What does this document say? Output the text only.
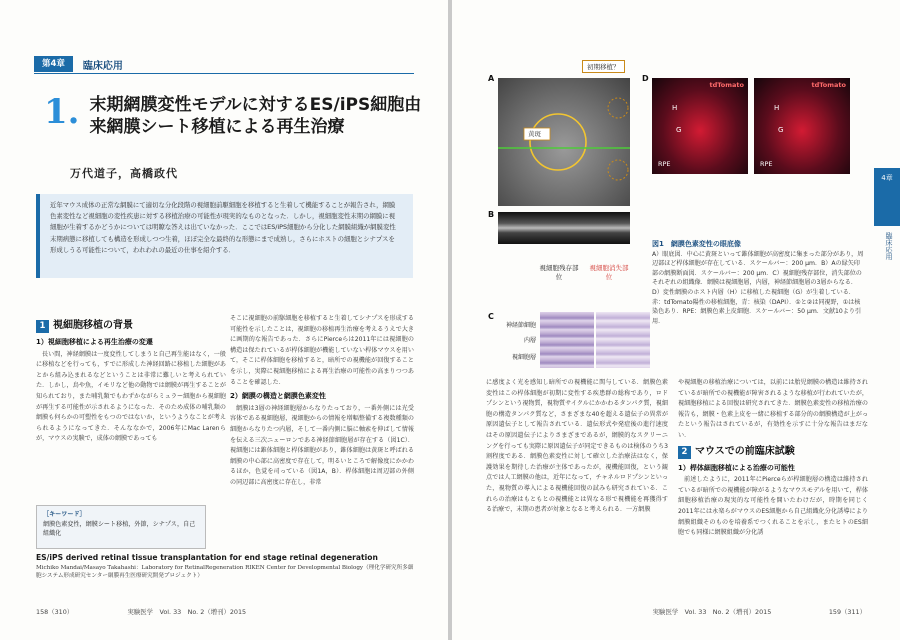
第4章	臨床応用
1. 末期網膜変性モデルに対するES/iPS細胞由来網膜シート移植による再生治療
万代道子，高橋政代
近年マウス成体の正常な網膜にて適切な分化段階の視細胞前駆細胞を移植すると生着して機能することが報告され，網膜色素変性など視細胞の変性疾患に対する移植治療の可能性が現実的なものとなった．しかし，視細胞変性末期の網膜に視細胞が生着するかどうかについては明瞭な答えは出ていなかった．ここではES/iPS細胞から分化した網膜組織が網膜変性末期病態に移植しても構造を形成しつつ生着，ほぼ完全な最終的な形態にまで成熟し，さらにホストの細胞とシナプスを形成しうる可能性について，われわれの最近の仕事を紹介する．
1 視細胞移植の背景
1）視細胞移植による再生治療の変遷

長い間，神経網膜は一度変性してしまうと自己再生能はなく，一般に移植などを行っても，すでに形成した神経回路に移植した細胞があとから組み込まれるなどということは非常に難しいと考えられていた．しかし，鳥や魚，イモリなど他の動物では網膜が再生することが知られており，また哺乳類でもわずかながらミュラー細胞から視細胞が再生する可能性が示されるようになった．そのため成体の哺乳類の網膜も何らかの可塑性をもつのではないか，というようなことが考えられるようになってきた．そんななかで，2006年にMac Larenらが，マウスの実験で，成体の網膜であっても

そこに視細胞の前駆細胞を移植すると生着してシナプスを形成する可能性を示したことは，視細胞の移植再生治療を考えるうえで大きに画期的な報告であった．さらにPierceらは2011年には視細胞の構造は保たれているが桿体細胞が機能していない桿体マウスを用いて，そこに桿体細胞を移植すると，暗所での視機能が回復することを示し，実際に視細胞移植による再生治療の可能性の高まりつつあることを確認した．

2）網膜の構造と網膜色素変性

網膜は3層の神経細胞層からなりたっており，一番外側には光受容体である視細胞層，視細胞からの情報を増幅整備する複数種類の細胞からなりたつ内層，そして一番内側に脳に軸索を伸ばして情報を伝える三次ニューロンである神経節細胞層が存在する（図1C）．視細胞には錐体細胞と桿体細胞があり，錐体細胞は黄斑と呼ばれる網膜の中心部に高密度で存在して，明るいところで解像度にかかわるほか，色覚を司っている（図1A，B）．桿体細胞は周辺部の外側の同辺部に高密度に存在し，非常

［キーワード］
網膜色素変性，網膜シート移植，外節，シナプス，自己組織化
ES/iPS derived retinal tissue transplantation for end stage retinal degeneration
Michiko Mandai/Masayo Takahashi：Laboratory for RetinalRegeneration RIKEN Center for Developmental Biology（理化学研究所多細胞システム形成研究センター網膜再生医療研究開発プロジェクト）
158（310）　　　　　　　　　実験医学　Vol. 33　No. 2（増刊）2015
A
黄斑
初期移植？
B
視細胞残存部位
視細胞消失部位
C
神経節細胞
内層
視細胞層
D
tdTomato
H
G
RPE
tdTomato
H
G
RPE
図1　網膜色素変性の眼底像
A）眼底図．中心に黄斑といって錐体細胞が高密度に集まった部分があり，周辺部ほど桿体細胞が存在している．スケールバー：200 µm．B）Aの緑矢印部の網膜断面図．スケールバー：200 µm．C）視細胞残存部位，消失部位のそれぞれの組織像．網膜は視細胞層，内層，神経節細胞層の3層からなる．D）変性網膜のホスト内層（H）に移植した視細胞（G）が生着している．赤：tdTomato陽性の移植細胞，青：核染（DAPI）．①と②は同視野，①は核染色あり．RPE：網膜色素上皮細胞．スケールバー：50 µm．文献10より引用．

に感度よく光を感知し暗所での視機能に関与している．網膜色素変性はこの桿体細胞が初期に変性する疾患群の総称であり，ロドプシンという視物質，視物質サイクルにかかわるタンパク質，視細胞の構造タンパク質など，さまざまな40を超える遺伝子の異常が原因遺伝子として報告されている．遺伝形式や発症後の進行速度はその原因遺伝子によりさまざまであるが，網膜的なスクリーニングを行っても実際に原因遺伝子が同定できるものは検体のうち3割程度である．網膜色素変性に対して確立した治療法はなく，保護効果を期待した治療が主体であったが，視機能回復，という観点では人工網膜の他は，近年になって，チャネルロドプシンといった，視物質の導入による視機能回復の試みも研究されている．これらの治療はもともとの視機能とは異なる形で視機能を再獲得する治療で，末期の患者が対象となると考えられる．一方網膜

や視細胞の移植治療については，以前には胎児網膜の構造は維持されているが暗所での視機能が障害されるような移植が行われていたが，視細胞移植による回復は研究されてきた．網膜色素変性の移植治療の報告も，網膜・色素上皮を一緒に移植する部分的の網膜構造が上がったという報告はされているが，有効性を示すに十分な報告はまだない．

2 マウスでの前臨床試験
1）桿体細胞移植による治療の可能性

前述したように，2011年にPierceらが桿細胞層の構造は維持されているが暗所での視機能が障がるようなマウスモデルを用いて，桿体細胞移植治療の現実的な可能性を開いたわけだが，時期を同じく2011年には永楽らがマウスのES細胞から自己組織化分化誘導により網膜組織そのものを培養系でつくれることを示し，またヒトのES細胞でも同様に網膜組織が分化誘

4章
臨床応用
実験医学　Vol. 33　No. 2（増刊）2015　　　　　　　　　159（311）
